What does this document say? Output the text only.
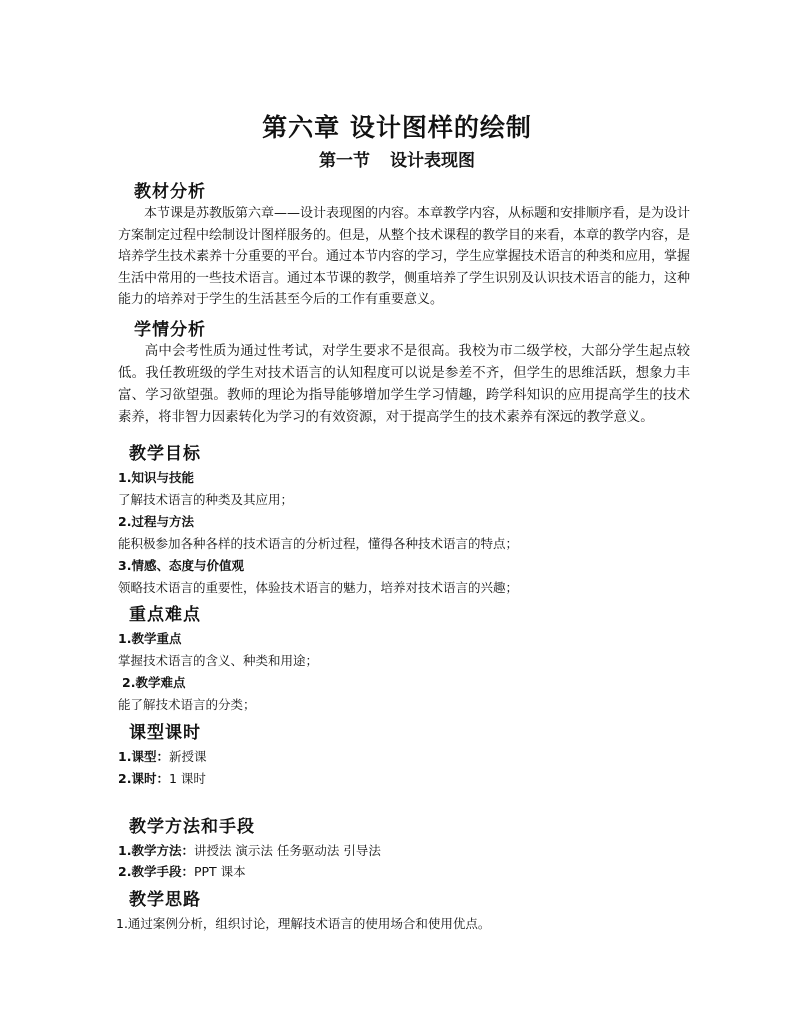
第六章 设计图样的绘制
第一节 设计表现图
教材分析
本节课是苏教版第六章——设计表现图的内容。本章教学内容，从标题和安排顺序看，是为设计方案制定过程中绘制设计图样服务的。但是，从整个技术课程的教学目的来看，本章的教学内容，是培养学生技术素养十分重要的平台。通过本节内容的学习，学生应掌握技术语言的种类和应用，掌握生活中常用的一些技术语言。通过本节课的教学，侧重培养了学生识别及认识技术语言的能力，这种能力的培养对于学生的生活甚至今后的工作有重要意义。
学情分析
高中会考性质为通过性考试，对学生要求不是很高。我校为市二级学校，大部分学生起点较低。我任教班级的学生对技术语言的认知程度可以说是参差不齐，但学生的思维活跃，想象力丰富、学习欲望强。教师的理论为指导能够增加学生学习情趣，跨学科知识的应用提高学生的技术素养，将非智力因素转化为学习的有效资源，对于提高学生的技术素养有深远的教学意义。
教学目标
1.知识与技能
了解技术语言的种类及其应用；
2.过程与方法
能积极参加各种各样的技术语言的分析过程，懂得各种技术语言的特点；
3.情感、态度与价值观
领略技术语言的重要性，体验技术语言的魅力，培养对技术语言的兴趣；
重点难点
1.教学重点
掌握技术语言的含义、种类和用途；
2.教学难点
能了解技术语言的分类；
课型课时
1.课型：新授课
2.课时：1 课时
教学方法和手段
1.教学方法：讲授法 演示法 任务驱动法 引导法
2.教学手段：PPT 课本
教学思路
1.通过案例分析，组织讨论，理解技术语言的使用场合和使用优点。
